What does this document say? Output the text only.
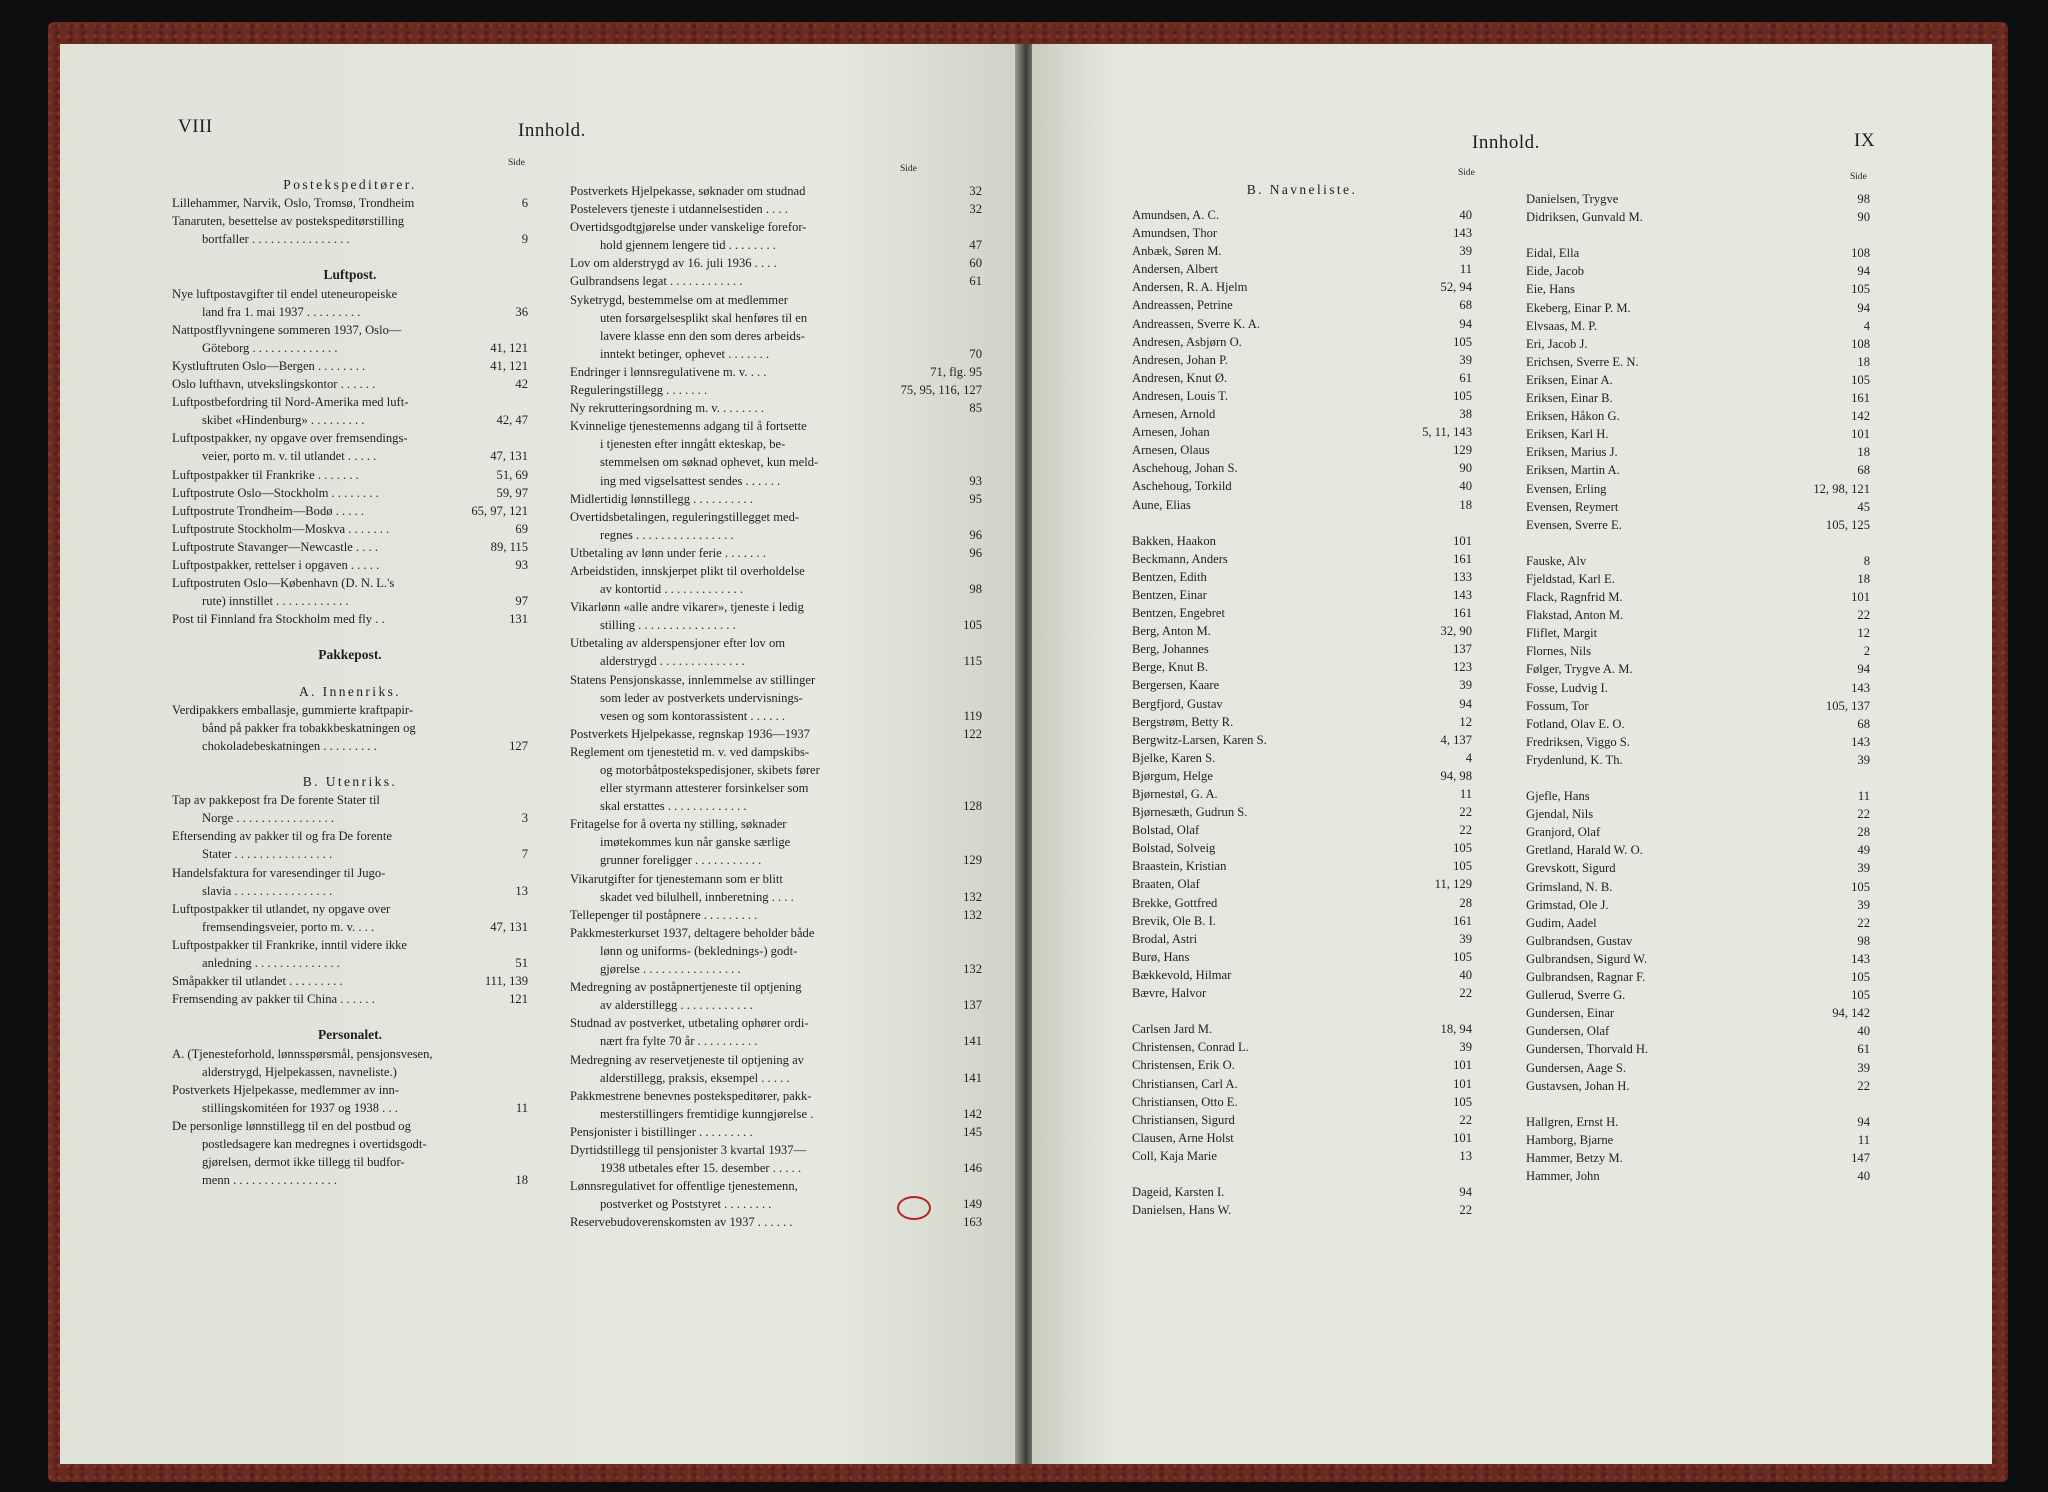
VIII	Innhold.
Side
Side
Postekspeditører.
Lillehammer, Narvik, Oslo, Tromsø, Trondheim	6
Tanaruten, besettelse av postekspeditørstilling
bortfaller . . . . . . . . . . . . . . . .	9
Luftpost.
Nye luftpostavgifter til endel uteneuropeiske
land fra 1. mai 1937 . . . . . . . . .	36
Nattpostflyvningene sommeren 1937, Oslo—
Göteborg . . . . . . . . . . . . . .	41, 121
Kystluftruten Oslo—Bergen . . . . . . . .	41, 121
Oslo lufthavn, utvekslingskontor . . . . . .	42
Luftpostbefordring til Nord-Amerika med luft-
skibet «Hindenburg» . . . . . . . . .	42, 47
Luftpostpakker, ny opgave over fremsendings-
veier, porto m. v. til utlandet . . . . .	47, 131
Luftpostpakker til Frankrike . . . . . . .	51, 69
Luftpostrute Oslo—Stockholm . . . . . . . .	59, 97
Luftpostrute Trondheim—Bodø . . . . .	65, 97, 121
Luftpostrute Stockholm—Moskva . . . . . . .	69
Luftpostrute Stavanger—Newcastle . . . .	89, 115
Luftpostpakker, rettelser i opgaven . . . . .	93
Luftpostruten Oslo—København (D. N. L.'s
rute) innstillet . . . . . . . . . . . .	97
Post til Finnland fra Stockholm med fly . .	131
Pakkepost.
A. Innenriks.
Verdipakkers emballasje, gummierte kraftpapir-
bånd på pakker fra tobakkbeskatningen og
chokoladebeskatningen . . . . . . . . .	127
B. Utenriks.
Tap av pakkepost fra De forente Stater til
Norge . . . . . . . . . . . . . . . .	3
Eftersending av pakker til og fra De forente
Stater . . . . . . . . . . . . . . . .	7
Handelsfaktura for varesendinger til Jugo-
slavia . . . . . . . . . . . . . . . .	13
Luftpostpakker til utlandet, ny opgave over
fremsendingsveier, porto m. v. . . .	47, 131
Luftpostpakker til Frankrike, inntil videre ikke
anledning . . . . . . . . . . . . . .	51
Småpakker til utlandet . . . . . . . . .	111, 139
Fremsending av pakker til China . . . . . .	121
Personalet.
A. (Tjenesteforhold, lønnsspørsmål, pensjonsvesen,
alderstrygd, Hjelpekassen, navneliste.)
Postverkets Hjelpekasse, medlemmer av inn-
stillingskomitéen for 1937 og 1938 . . .	11
De personlige lønnstillegg til en del postbud og
postledsagere kan medregnes i overtidsgodt-
gjørelsen, dermot ikke tillegg til budfor-
menn . . . . . . . . . . . . . . . . .	18
Postverkets Hjelpekasse, søknader om studnad	32
Postelevers tjeneste i utdannelsestiden . . . .	32
Overtidsgodtgjørelse under vanskelige forefor-
hold gjennem lengere tid . . . . . . . .	47
Lov om alderstrygd av 16. juli 1936 . . . .	60
Gulbrandsens legat . . . . . . . . . . . .	61
Syketrygd, bestemmelse om at medlemmer
uten forsørgelsesplikt skal henføres til en
lavere klasse enn den som deres arbeids-
inntekt betinger, ophevet . . . . . . .	70
Endringer i lønnsregulativene m. v. . . .	71, flg. 95
Reguleringstillegg . . . . . . .	75, 95, 116, 127
Ny rekrutteringsordning m. v. . . . . . . .	85
Kvinnelige tjenestemenns adgang til å fortsette
i tjenesten efter inngått ekteskap, be-
stemmelsen om søknad ophevet, kun meld-
ing med vigselsattest sendes . . . . . .	93
Midlertidig lønnstillegg . . . . . . . . . .	95
Overtidsbetalingen, reguleringstillegget med-
regnes . . . . . . . . . . . . . . . .	96
Utbetaling av lønn under ferie . . . . . . .	96
Arbeidstiden, innskjerpet plikt til overholdelse
av kontortid . . . . . . . . . . . . .	98
Vikarlønn «alle andre vikarer», tjeneste i ledig
stilling . . . . . . . . . . . . . . . .	105
Utbetaling av alderspensjoner efter lov om
alderstrygd . . . . . . . . . . . . . .	115
Statens Pensjonskasse, innlemmelse av stillinger
som leder av postverkets undervisnings-
vesen og som kontorassistent . . . . . .	119
Postverkets Hjelpekasse, regnskap 1936—1937	122
Reglement om tjenestetid m. v. ved dampskibs-
og motorbåtpostekspedisjoner, skibets fører
eller styrmann attesterer forsinkelser som
skal erstattes . . . . . . . . . . . . .	128
Fritagelse for å overta ny stilling, søknader
imøtekommes kun når ganske særlige
grunner foreligger . . . . . . . . . . .	129
Vikarutgifter for tjenestemann som er blitt
skadet ved bilulhell, innberetning . . . .	132
Tellepenger til poståpnere . . . . . . . . .	132
Pakkmesterkurset 1937, deltagere beholder både
lønn og uniforms- (beklednings-) godt-
gjørelse . . . . . . . . . . . . . . . .	132
Medregning av poståpnertjeneste til optjening
av alderstillegg . . . . . . . . . . . .	137
Studnad av postverket, utbetaling ophører ordi-
nært fra fylte 70 år . . . . . . . . . .	141
Medregning av reservetjeneste til optjening av
alderstillegg, praksis, eksempel . . . . .	141
Pakkmestrene benevnes postekspeditører, pakk-
mesterstillingers fremtidige kunngjørelse .	142
Pensjonister i bistillinger . . . . . . . . .	145
Dyrtidstillegg til pensjonister 3 kvartal 1937—
1938 utbetales efter 15. desember . . . . .	146
Lønnsregulativet for offentlige tjenestemenn,
postverket og Poststyret . . . . . . . .	149
Reservebudoverenskomsten av 1937 . . . . . .	163
Innhold.	IX
Side	Side
B. Navneliste.
Amundsen, A. C.	40
Amundsen, Thor	143
Anbæk, Søren M.	39
Andersen, Albert	11
Andersen, R. A. Hjelm	52, 94
Andreassen, Petrine	68
Andreassen, Sverre K. A.	94
Andresen, Asbjørn O.	105
Andresen, Johan P.	39
Andresen, Knut Ø.	61
Andresen, Louis T.	105
Arnesen, Arnold	38
Arnesen, Johan	5, 11, 143
Arnesen, Olaus	129
Aschehoug, Johan S.	90
Aschehoug, Torkild	40
Aune, Elias	18
Bakken, Haakon	101
Beckmann, Anders	161
Bentzen, Edith	133
Bentzen, Einar	143
Bentzen, Engebret	161
Berg, Anton M.	32, 90
Berg, Johannes	137
Berge, Knut B.	123
Bergersen, Kaare	39
Bergfjord, Gustav	94
Bergstrøm, Betty R.	12
Bergwitz-Larsen, Karen S.	4, 137
Bjelke, Karen S.	4
Bjørgum, Helge	94, 98
Bjørnestøl, G. A.	11
Bjørnesæth, Gudrun S.	22
Bolstad, Olaf	22
Bolstad, Solveig	105
Braastein, Kristian	105
Braaten, Olaf	11, 129
Brekke, Gottfred	28
Brevik, Ole B. I.	161
Brodal, Astri	39
Burø, Hans	105
Bækkevold, Hilmar	40
Bævre, Halvor	22
Carlsen Jard M.	18, 94
Christensen, Conrad L.	39
Christensen, Erik O.	101
Christiansen, Carl A.	101
Christiansen, Otto E.	105
Christiansen, Sigurd	22
Clausen, Arne Holst	101
Coll, Kaja Marie	13
Dageid, Karsten I.	94
Danielsen, Hans W.	22
Danielsen, Trygve	98
Didriksen, Gunvald M.	90
Eidal, Ella	108
Eide, Jacob	94
Eie, Hans	105
Ekeberg, Einar P. M.	94
Elvsaas, M. P.	4
Eri, Jacob J.	108
Erichsen, Sverre E. N.	18
Eriksen, Einar A.	105
Eriksen, Einar B.	161
Eriksen, Håkon G.	142
Eriksen, Karl H.	101
Eriksen, Marius J.	18
Eriksen, Martin A.	68
Evensen, Erling	12, 98, 121
Evensen, Reymert	45
Evensen, Sverre E.	105, 125
Fauske, Alv	8
Fjeldstad, Karl E.	18
Flack, Ragnfrid M.	101
Flakstad, Anton M.	22
Fliflet, Margit	12
Flornes, Nils	2
Følger, Trygve A. M.	94
Fosse, Ludvig I.	143
Fossum, Tor	105, 137
Fotland, Olav E. O.	68
Fredriksen, Viggo S.	143
Frydenlund, K. Th.	39
Gjefle, Hans	11
Gjendal, Nils	22
Granjord, Olaf	28
Gretland, Harald W. O.	49
Grevskott, Sigurd	39
Grimsland, N. B.	105
Grimstad, Ole J.	39
Gudim, Aadel	22
Gulbrandsen, Gustav	98
Gulbrandsen, Sigurd W.	143
Gulbrandsen, Ragnar F.	105
Gullerud, Sverre G.	105
Gundersen, Einar	94, 142
Gundersen, Olaf	40
Gundersen, Thorvald H.	61
Gundersen, Aage S.	39
Gustavsen, Johan H.	22
Hallgren, Ernst H.	94
Hamborg, Bjarne	11
Hammer, Betzy M.	147
Hammer, John	40
